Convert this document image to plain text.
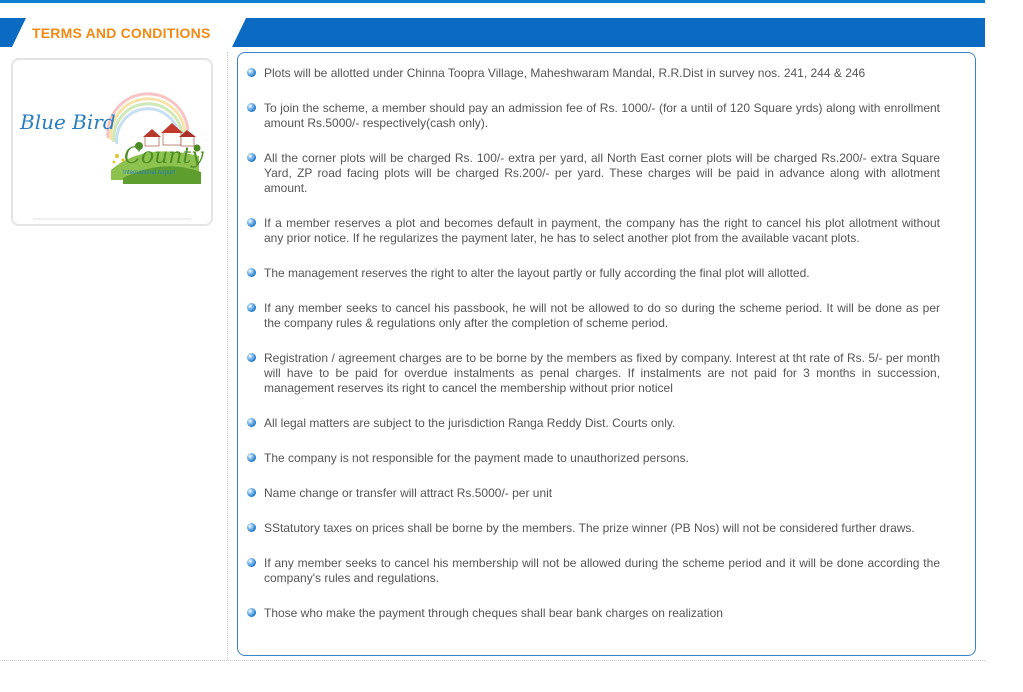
TERMS AND CONDITIONS
Blue Bird
County
International Airport
Plots will be allotted under Chinna Toopra Village, Maheshwaram Mandal, R.R.Dist in survey nos. 241, 244 & 246
To join the scheme, a member should pay an admission fee of Rs. 1000/- (for a until of 120 Square yrds) along with enrollment amount Rs.5000/- respectively(cash only).
All the corner plots will be charged Rs. 100/- extra per yard, all North East corner plots will be charged Rs.200/- extra Square Yard, ZP road facing plots will be charged Rs.200/- per yard. These charges will be paid in advance along with allotment amount.
If a member reserves a plot and becomes default in payment, the company has the right to cancel his plot allotment without any prior notice. If he regularizes the payment later, he has to select another plot from the available vacant plots.
The management reserves the right to alter the layout partly or fully according the final plot will allotted.
If any member seeks to cancel his passbook, he will not be allowed to do so during the scheme period. It will be done as per the company rules & regulations only after the completion of scheme period.
Registration / agreement charges are to be borne by the members as fixed by company. Interest at tht rate of Rs. 5/- per month will have to be paid for overdue instalments as penal charges. If instalments are not paid for 3 months in succession, management reserves its right to cancel the membership without prior noticel
All legal matters are subject to the jurisdiction Ranga Reddy Dist. Courts only.
The company is not responsible for the payment made to unauthorized persons.
Name change or transfer will attract Rs.5000/- per unit
SStatutory taxes on prices shall be borne by the members. The prize winner (PB Nos) will not be considered further draws.
If any member seeks to cancel his membership will not be allowed during the scheme period and it will be done according the company's rules and regulations.
Those who make the payment through cheques shall bear bank charges on realization
